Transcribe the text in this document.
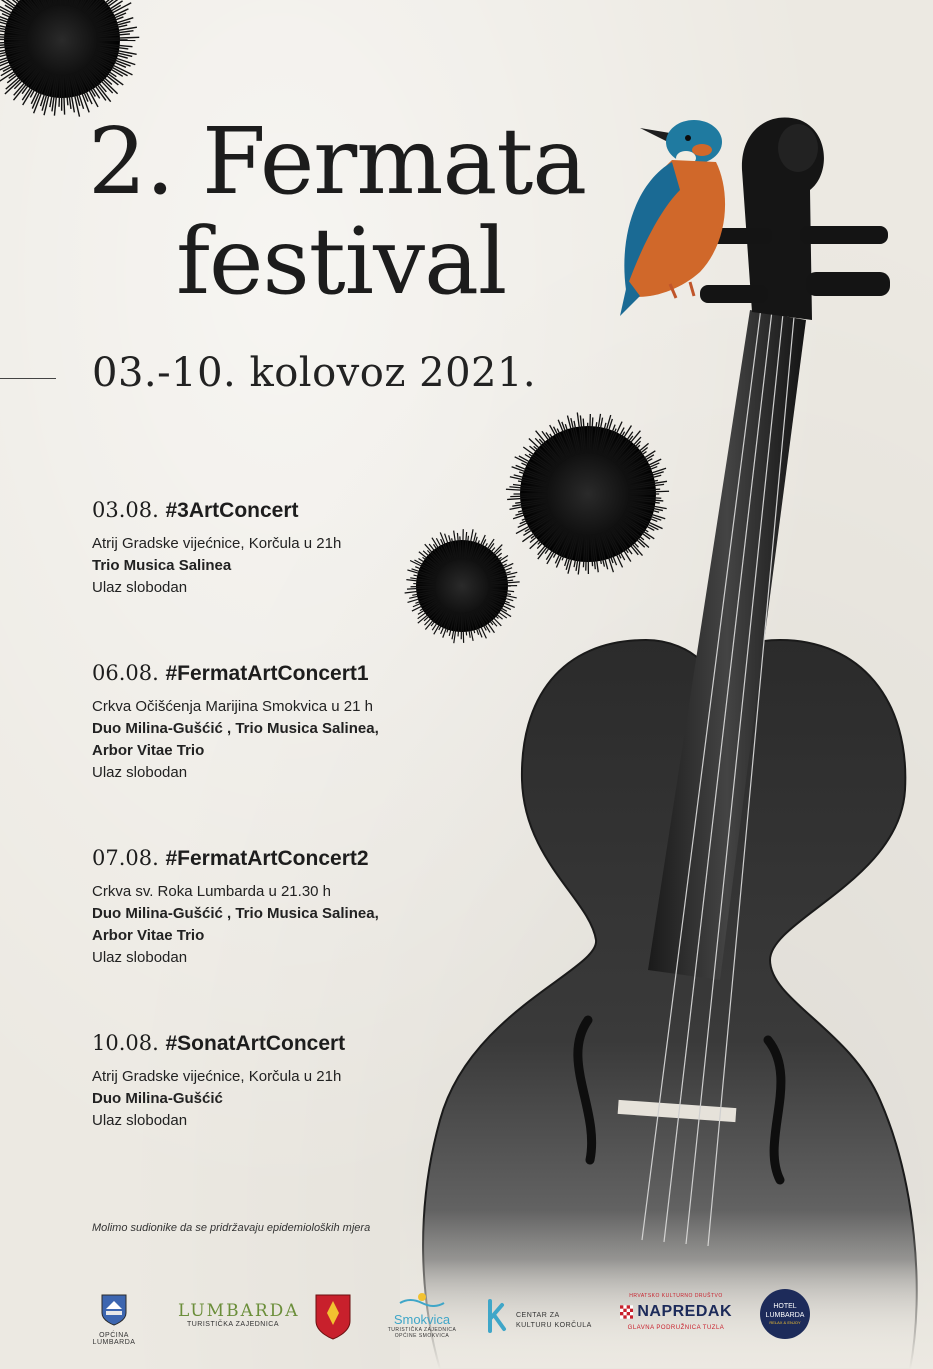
2. Fermata
festival
03.-10. kolovoz 2021.
03.08. #3ArtConcert

Atrij Gradske vijećnice, Korčula u 21h

Trio Musica Salinea

Ulaz slobodan

06.08. #FermatArtConcert1

Crkva Očišćenja Marijina Smokvica u 21 h

Duo Milina-Gušćić , Trio Musica Salinea,

Arbor Vitae Trio

Ulaz slobodan

07.08. #FermatArtConcert2

Crkva sv. Roka Lumbarda u 21.30 h

Duo Milina-Gušćić , Trio Musica Salinea,

Arbor Vitae Trio

Ulaz slobodan

10.08. #SonatArtConcert

Atrij Gradske vijećnice, Korčula u 21h

Duo Milina-Gušćić

Ulaz slobodan

Molimo sudionike da se pridržavaju epidemioloških mjera
OPĆINA LUMBARDA
LUMBARDA
TURISTIČKA ZAJEDNICA	Smokvica
TURISTIČKA ZAJEDNICA OPĆINE SMOKVICA
CENTAR ZA KULTURU KORČULA
HRVATSKO KULTURNO DRUŠTVO
NAPREDAK
GLAVNA PODRUŽNICA TUZLA
HOTEL LUMBARDA
RELAX & ENJOY
